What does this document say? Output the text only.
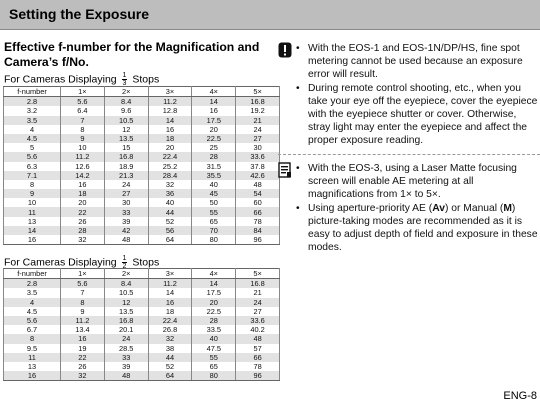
Setting the Exposure
Effective f-number for the Magnification and Camera’s f/No.
For Cameras Displaying $\frac{1}{3}$ Stops
f-number	1×	2×	3×	4×	5×
2.8	5.6	8.4	11.2	14	16.8
3.2	6.4	9.6	12.8	16	19.2
3.5	7	10.5	14	17.5	21
4	8	12	16	20	24
4.5	9	13.5	18	22.5	27
5	10	15	20	25	30
5.6	11.2	16.8	22.4	28	33.6
6.3	12.6	18.9	25.2	31.5	37.8
7.1	14.2	21.3	28.4	35.5	42.6
8	16	24	32	40	48
9	18	27	36	45	54
10	20	30	40	50	60
11	22	33	44	55	66
13	26	39	52	65	78
14	28	42	56	70	84
16	32	48	64	80	96
For Cameras Displaying $\frac{1}{2}$ Stops
f-number	1×	2×	3×	4×	5×
2.8	5.6	8.4	11.2	14	16.8
3.5	7	10.5	14	17.5	21
4	8	12	16	20	24
4.5	9	13.5	18	22.5	27
5.6	11.2	16.8	22.4	28	33.6
6.7	13.4	20.1	26.8	33.5	40.2
8	16	24	32	40	48
9.5	19	28.5	38	47.5	57
11	22	33	44	55	66
13	26	39	52	65	78
16	32	48	64	80	96
• With the EOS-1 and EOS-1N/DP/HS, fine spot metering cannot be used because an exposure error will result.
• During remote control shooting, etc., when you take your eye off the eyepiece, cover the eyepiece with the eyepiece shutter or cover. Otherwise, stray light may enter the eyepiece and affect the proper exposure reading.
• With the EOS-3, using a Laser Matte focusing screen will enable AE metering at all magnifications from 1× to 5×.
• Using aperture-priority AE (Av) or Manual (M) picture-taking modes are recommended as it is easy to adjust depth of field and exposure in these modes.
ENG-8
